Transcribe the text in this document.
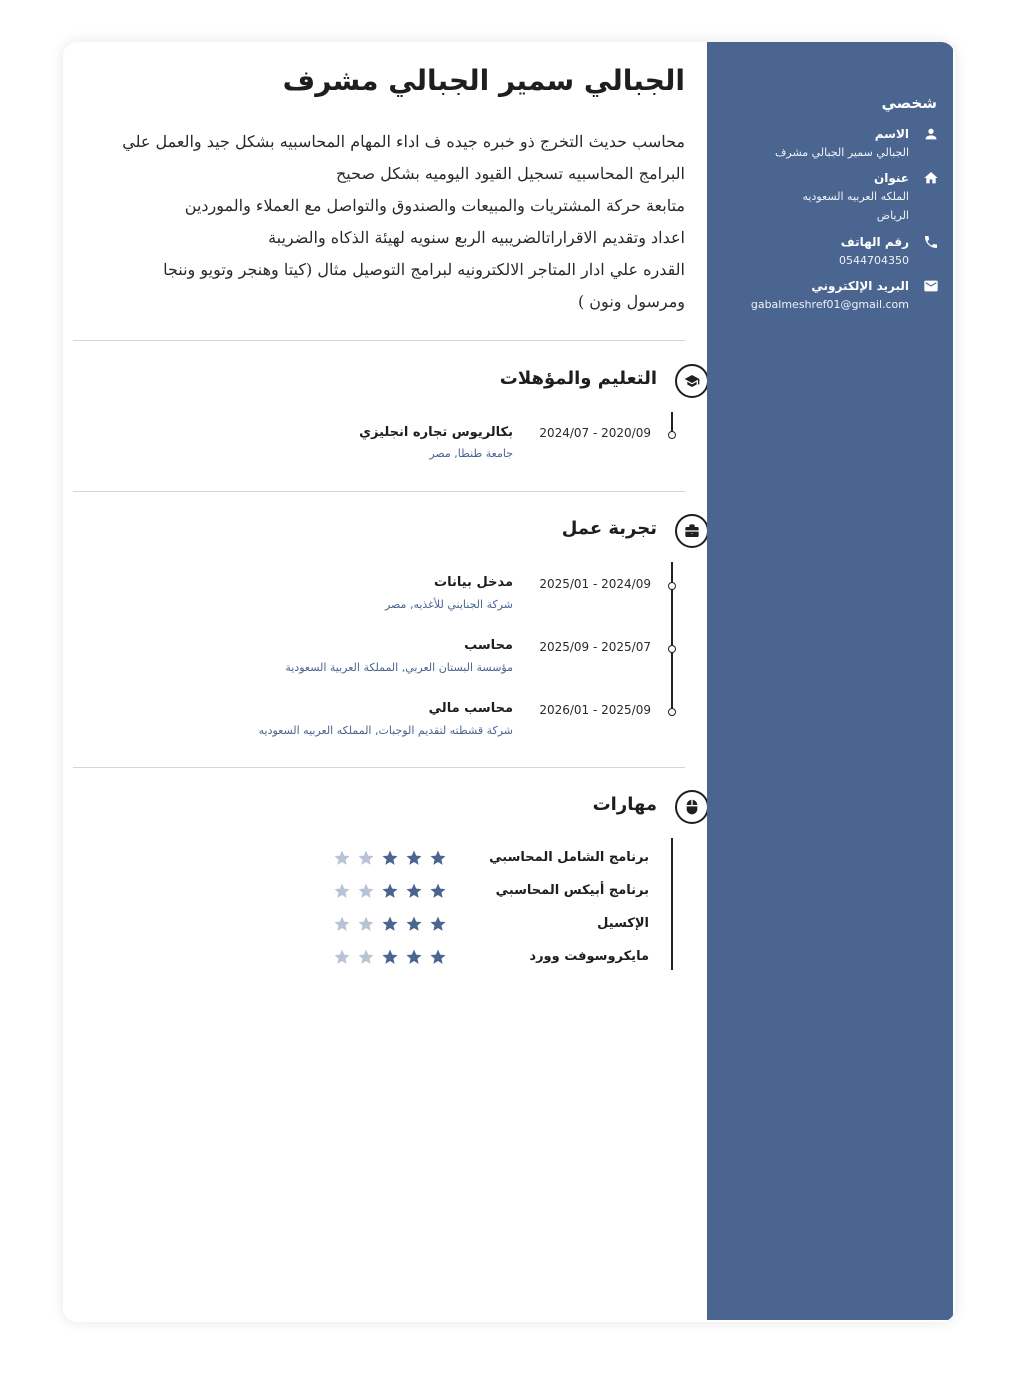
الجبالي سمير الجبالي مشرف
محاسب حديث التخرج ذو خبره جيده ف اداء المهام المحاسبيه بشكل جيد والعمل علي
البرامج المحاسبيه تسجيل القيود اليوميه بشكل صحيح
متابعة حركة المشتريات والمبيعات والصندوق والتواصل مع العملاء والموردين
اعداد وتقديم الاقراراتالضريبيه الربع سنويه لهيئة الذكاه والضريبة
القدره علي ادار المتاجر الالكترونيه لبرامج التوصيل مثال (كيتا وهنجر وتويو وننجا
ومرسول ونون )
التعليم والمؤهلات
2024/07 - 2020/09
بكالريوس تجاره انجليزي
جامعة طنطا, مصر
تجربة عمل
2025/01 - 2024/09
مدخل بيانات
شركة الجنايني للأغذيه, مصر
2025/09 - 2025/07
محاسب
مؤسسة البستان العربي, المملكة العربية السعودية
2026/01 - 2025/09
محاسب مالي
شركة قشطته لتقديم الوجبات, المملكه العربيه السعوديه
مهارات
برنامج الشامل المحاسبي
برنامج أبيكس المحاسبي
الإكسيل
مايكروسوفت وورد
شخصي
الاسم
الجبالي سمير الجبالي مشرف
عنوان
الملكه العربيه السعوديه
الرياض
رقم الهاتف
0544704350
البريد الإلكتروني
gabalmeshref01@gmail.com
